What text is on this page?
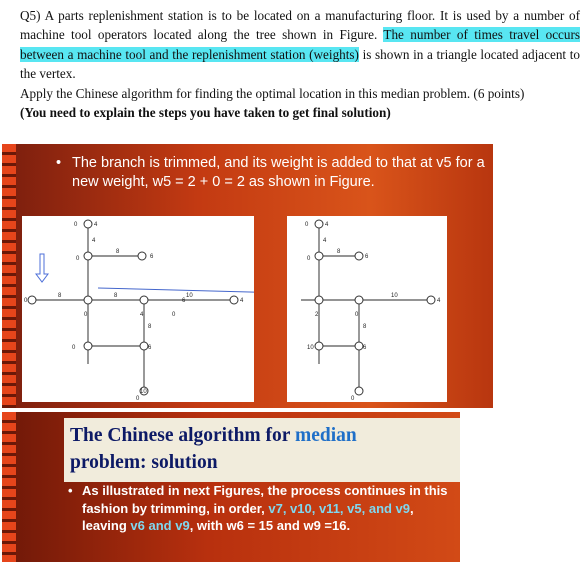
Q5) A parts replenishment station is to be located on a manufacturing floor. It is used by a number of machine tool operators located along the tree shown in Figure. The number of times travel occurs between a machine tool and the replenishment station (weights) is shown in a triangle located adjacent to the vertex.

Apply the Chinese algorithm for finding the optimal location in this median problem. (6 points)

(You need to explain the steps you have taken to get final solution)

• The branch is trimmed, and its weight is added to that at v5 for a new weight, w5 = 2 + 0 = 2 as shown in Figure.
4
8
8	8	10
8
0
6
0
0	4
0	4
6
0
6
0
0
4
10
4
8
10
8
0
6
2	0
4
0
6
0
4
10
The Chinese algorithm for median
problem: solution
• As illustrated in next Figures, the process continues in this fashion by trimming, in order, v7, v10, v11, v5, and v9, leaving v6 and v9, with w6 = 15 and w9 =16.
